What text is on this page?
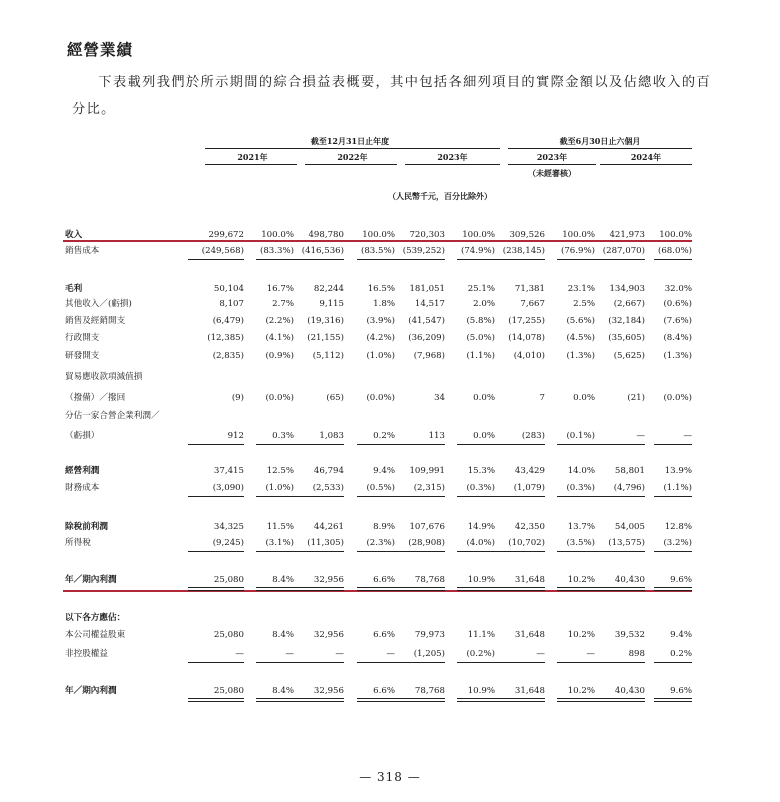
經營業績
下表載列我們於所示期間的綜合損益表概要，其中包括各細列項目的實際金額以及佔總收入的百分比。
截至12月31日止年度	截至6月30日止六個月
2021年	2022年	2023年	2023年	2024年
（未經審核）
（人民幣千元，百分比除外）
收入	299,672	100.0%	498,780	100.0%	720,303	100.0%	309,526	100.0%	421,973	100.0%
銷售成本	(249,568)	(83.3%) (416,536)	(83.5%) (539,252)	(74.9%) (238,145)	(76.9%) (287,070)	(68.0%)
毛利	50,104	16.7%	82,244	16.5%	181,051	25.1%	71,381	23.1%	134,903	32.0%
其他收入／(虧損)	8,107	2.7%	9,115	1.8%	14,517	2.0%	7,667	2.5%	(2,667)	(0.6%)
銷售及經銷開支	(6,479)	(2.2%)	(19,316)	(3.9%)	(41,547)	(5.8%)	(17,255)	(5.6%)	(32,184)	(7.6%)
行政開支	(12,385)	(4.1%)	(21,155)	(4.2%)	(36,209)	(5.0%)	(14,078)	(4.5%)	(35,605)	(8.4%)
研發開支	(2,835)	(0.9%)	(5,112)	(1.0%)	(7,968)	(1.1%)	(4,010)	(1.3%)	(5,625)	(1.3%)
貿易應收款項減值損
（撥備）／撥回	(9)	(0.0%)	(65)	(0.0%)	34	0.0%	7	0.0%	(21)	(0.0%)
分佔一家合營企業利潤／
（虧損）	912	0.3%	1,083	0.2%	113	0.0%	(283)	(0.1%)	—	—
經營利潤	37,415	12.5%	46,794	9.4%	109,991	15.3%	43,429	14.0%	58,801	13.9%
財務成本	(3,090)	(1.0%)	(2,533)	(0.5%)	(2,315)	(0.3%)	(1,079)	(0.3%)	(4,796)	(1.1%)
除稅前利潤	34,325	11.5%	44,261	8.9%	107,676	14.9%	42,350	13.7%	54,005	12.8%
所得稅	(9,245)	(3.1%)	(11,305)	(2.3%)	(28,908)	(4.0%)	(10,702)	(3.5%)	(13,575)	(3.2%)
年／期內利潤	25,080	8.4%	32,956	6.6%	78,768	10.9%	31,648	10.2%	40,430	9.6%
以下各方應佔：
本公司權益股東	25,080	8.4%	32,956	6.6%	79,973	11.1%	31,648	10.2%	39,532	9.4%
非控股權益	—	—	—	—	(1,205)	(0.2%)	—	—	898	0.2%
年／期內利潤	25,080	8.4%	32,956	6.6%	78,768	10.9%	31,648	10.2%	40,430	9.6%
— 318 —
